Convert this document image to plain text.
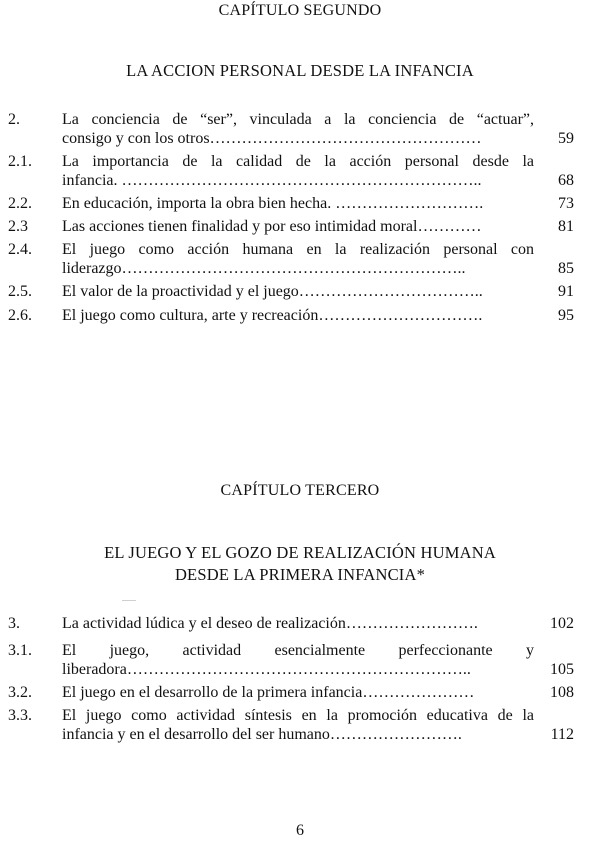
CAPÍTULO SEGUNDO
LA ACCION PERSONAL DESDE LA INFANCIA
2.	La conciencia de “ser”, vinculada a la conciencia de “actuar”,
consigo y con los otros……………………………………………	59
2.1. La importancia de la calidad de la acción personal desde la
infancia. …………………………………………………………..	68
2.2. En educación, importa la obra bien hecha. ……………………….	73
2.3 Las acciones tienen finalidad y por eso intimidad moral…………	81
2.4. El juego como acción humana en la realización personal con
liderazgo………………………………………………………..	85
2.5. El valor de la proactividad y el juego……………………………..	91
2.6. El juego como cultura, arte y recreación………………………….	95
CAPÍTULO TERCERO
EL JUEGO Y EL GOZO DE REALIZACIÓN HUMANA
DESDE LA PRIMERA INFANCIA*
3.	La actividad lúdica y el deseo de realización…………………….	102
3.1. El juego, actividad esencialmente perfeccionante y
liberadora………………………………………………………..	105
3.2. El juego en el desarrollo de la primera infancia…………………	108
3.3. El juego como actividad síntesis en la promoción educativa de la
infancia y en el desarrollo del ser humano…………………….	112
6
